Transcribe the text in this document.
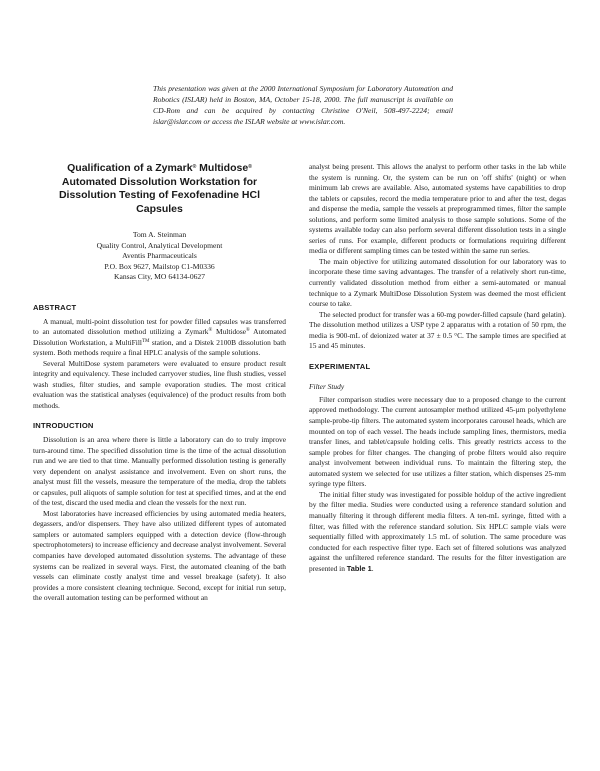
This presentation was given at the 2000 International Symposium for Laboratory Automation and Robotics (ISLAR) held in Boston, MA, October 15-18, 2000. The full manuscript is available on CD-Rom and can be acquired by contacting Christine O'Neil, 508-497-2224; email islar@islar.com or access the ISLAR website at www.islar.com.
Qualification of a Zymark® Multidose® Automated Dissolution Workstation for Dissolution Testing of Fexofenadine HCl Capsules
Tom A. Steinman
Quality Control, Analytical Development
Aventis Pharmaceuticals
P.O. Box 9627, Mailstop C1-M0336
Kansas City, MO 64134-0627
ABSTRACT

A manual, multi-point dissolution test for powder filled capsules was transferred to an automated dissolution method utilizing a Zymark® Multidose® Automated Dissolution Workstation, a MultiFill™ station, and a Distek 2100B dissolution bath system. Both methods require a final HPLC analysis of the sample solutions.

Several MultiDose system parameters were evaluated to ensure product result integrity and equivalency. These included carryover studies, line flush studies, vessel wash studies, filter studies, and sample evaporation studies. The most critical evaluation was the statistical analyses (equivalence) of the product results from both methods.

INTRODUCTION

Dissolution is an area where there is little a laboratory can do to truly improve turn-around time. The specified dissolution time is the time of the actual dissolution run and we are tied to that time. Manually performed dissolution testing is generally very dependent on analyst assistance and involvement. Even on short runs, the analyst must fill the vessels, measure the temperature of the media, drop the tablets or capsules, pull aliquots of sample solution for test at specified times, and at the end of the test, discard the used media and clean the vessels for the next run.

Most laboratories have increased efficiencies by using automated media heaters, degassers, and/or dispensers. They have also utilized different types of automated samplers or automated samplers equipped with a detection device (flow-through spectrophotometers) to increase efficiency and decrease analyst involvement. Several companies have developed automated dissolution systems. The advantage of these systems can be realized in several ways. First, the automated cleaning of the bath vessels can eliminate costly analyst time and vessel breakage (safety). It also provides a more consistent cleaning technique. Second, except for initial run setup, the overall automation testing can be performed without an

analyst being present. This allows the analyst to perform other tasks in the lab while the system is running. Or, the system can be run on 'off shifts' (night) or when minimum lab crews are available. Also, automated systems have capabilities to drop the tablets or capsules, record the media temperature prior to and after the test, degas and dispense the media, sample the vessels at preprogrammed times, filter the sample solutions, and perform some limited analysis to those sample solutions. Some of the systems available today can also perform several different dissolution tests in a single series of runs. For example, different products or formulations requiring different media or different sampling times can be tested within the same run series.

The main objective for utilizing automated dissolution for our laboratory was to incorporate these time saving advantages. The transfer of a relatively short run-time, currently validated dissolution method from either a semi-automated or manual technique to a Zymark MultiDose Dissolution System was deemed the most efficient course to take.

The selected product for transfer was a 60-mg powder-filled capsule (hard gelatin). The dissolution method utilizes a USP type 2 apparatus with a rotation of 50 rpm, the media is 900-mL of deionized water at 37 ± 0.5 °C. The sample times are specified at 15 and 45 minutes.

EXPERIMENTAL
Filter Study

Filter comparison studies were necessary due to a proposed change to the current approved methodology. The current autosampler method utilized 45-µm polyethylene sample-probe-tip filters. The automated system incorporates carousel heads, which are mounted on top of each vessel. The heads include sampling lines, thermistors, media transfer lines, and tablet/capsule holding cells. This greatly restricts access to the sample probes for filter changes. The changing of probe filters would also require analyst involvement between individual runs. To maintain the filtering step, the automated system we selected for use utilizes a filter station, which dispenses 25-mm syringe type filters.

The initial filter study was investigated for possible holdup of the active ingredient by the filter media. Studies were conducted using a reference standard solution and manually filtering it through different media filters. A ten-mL syringe, fitted with a filter, was filled with the reference standard solution. Six HPLC sample vials were sequentially filled with approximately 1.5 mL of solution. The same procedure was conducted for each respective filter type. Each set of filtered solutions was analyzed against the unfiltered reference standard. The results for the filter investigation are presented in Table 1.
